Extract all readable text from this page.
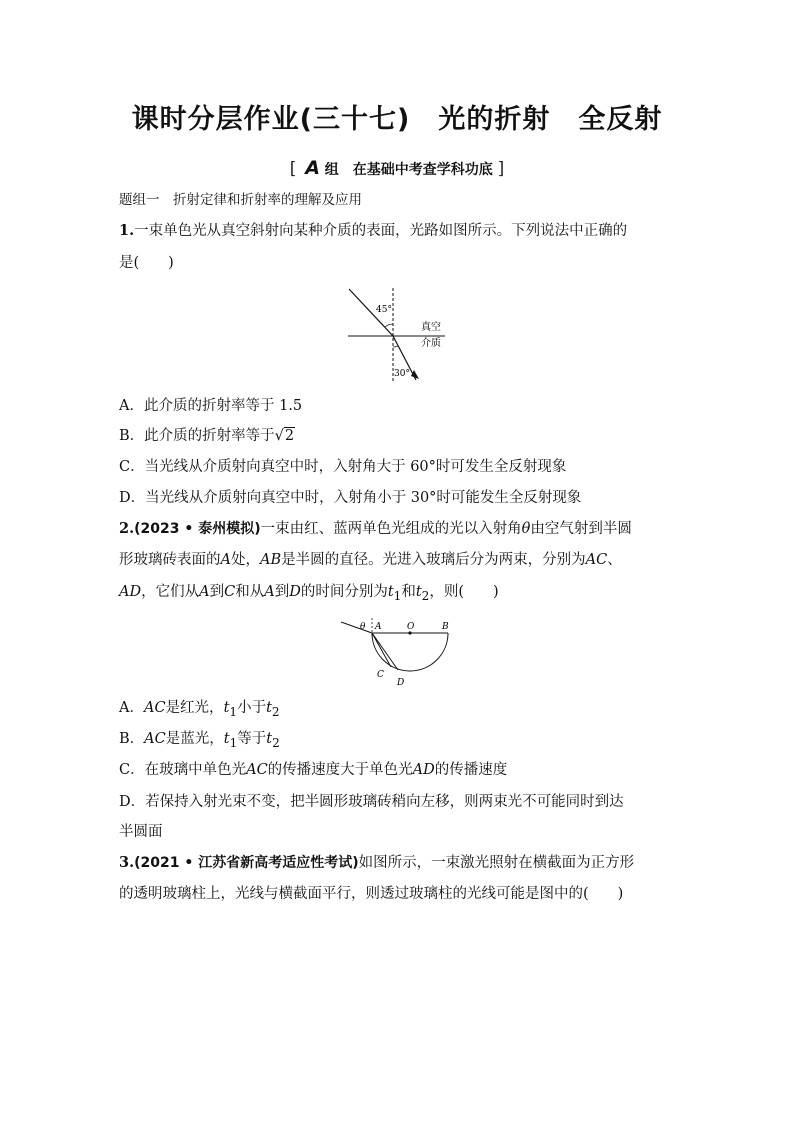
课时分层作业(三十七)　光的折射　全反射
[ A 组　在基础中考查学科功底 ]
题组一　折射定律和折射率的理解及应用
1.一束单色光从真空斜射向某种介质的表面，光路如图所示。下列说法中正确的
是(　　)
45°
30°
真空
介质
A．此介质的折射率等于 1.5
B．此介质的折射率等于√2
C．当光线从介质射向真空中时，入射角大于 60°时可发生全反射现象
D．当光线从介质射向真空中时，入射角小于 30°时可能发生全反射现象
2.(2023 • 泰州模拟)一束由红、蓝两单色光组成的光以入射角θ由空气射到半圆
形玻璃砖表面的A处，AB是半圆的直径。光进入玻璃后分为两束，分别为AC、
AD，它们从A到C和从A到D的时间分别为$t_1$和$t_2$，则(　　)
θ A	O	B
C
D
A．AC是红光，$t_1$小于$t_2$
B．AC是蓝光，$t_1$等于$t_2$
C．在玻璃中单色光AC的传播速度大于单色光AD的传播速度
D．若保持入射光束不变，把半圆形玻璃砖稍向左移，则两束光不可能同时到达
半圆面
3.(2021 • 江苏省新高考适应性考试)如图所示，一束激光照射在横截面为正方形
的透明玻璃柱上，光线与横截面平行，则透过玻璃柱的光线可能是图中的(　　)
